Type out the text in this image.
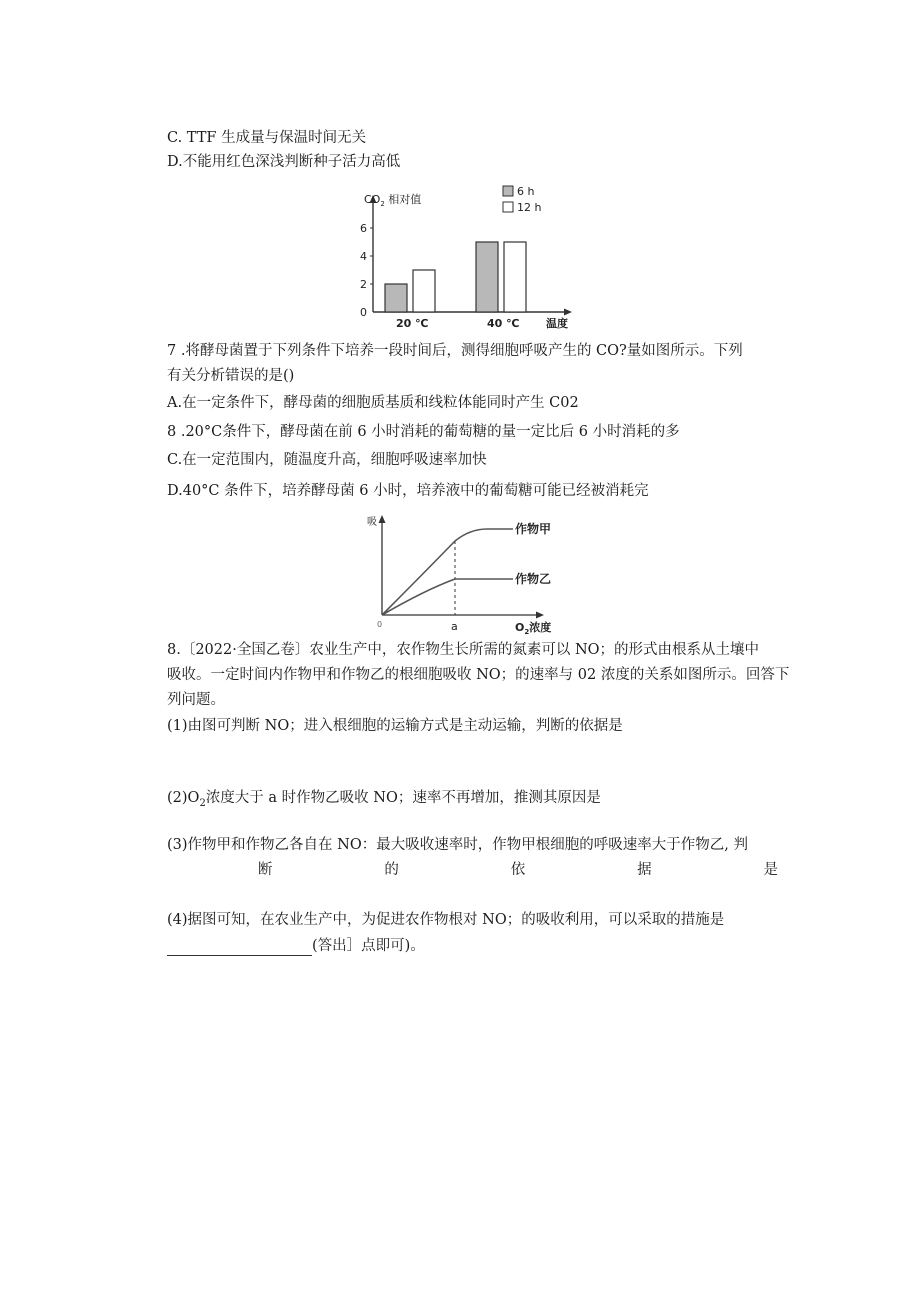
C. TTF 生成量与保温时间无关
D.不能用红色深浅判断种子活力高低
$CO_2$ 相对值
0
2
4
6
20 ℃	40 ℃ 温度
6 h
12 h
7 .将酵母菌置于下列条件下培养一段时间后，测得细胞呼吸产生的 CO?量如图所示。下列
有关分析错误的是()
A.在一定条件下，酵母菌的细胞质基质和线粒体能同时产生 C02
8 .20°C条件下，酵母菌在前 6 小时消耗的葡萄糖的量一定比后 6 小时消耗的多
C.在一定范围内，随温度升高，细胞呼吸速率加快
D.40°C 条件下，培养酵母菌 6 小时，培养液中的葡萄糖可能已经被消耗完
吸
0	a
作物甲
作物乙
$O_2$浓度
8.〔2022·全国乙卷〕农业生产中，农作物生长所需的氮素可以 NO；的形式由根系从土壤中
吸收。一定时间内作物甲和作物乙的根细胞吸收 NO；的速率与 02 浓度的关系如图所示。回答下
列问题。
(1)由图可判断 NO；进入根细胞的运输方式是主动运输，判断的依据是
$(2)O_2$浓度大于 a 时作物乙吸收 NO；速率不再增加，推测其原因是
(3)作物甲和作物乙各自在 NO：最大吸收速率时，作物甲根细胞的呼吸速率大于作物乙, 判
断	的	依	据	是
(4)据图可知，在农业生产中，为促进农作物根对 NO；的吸收利用，可以采取的措施是
(答出］点即可)。
